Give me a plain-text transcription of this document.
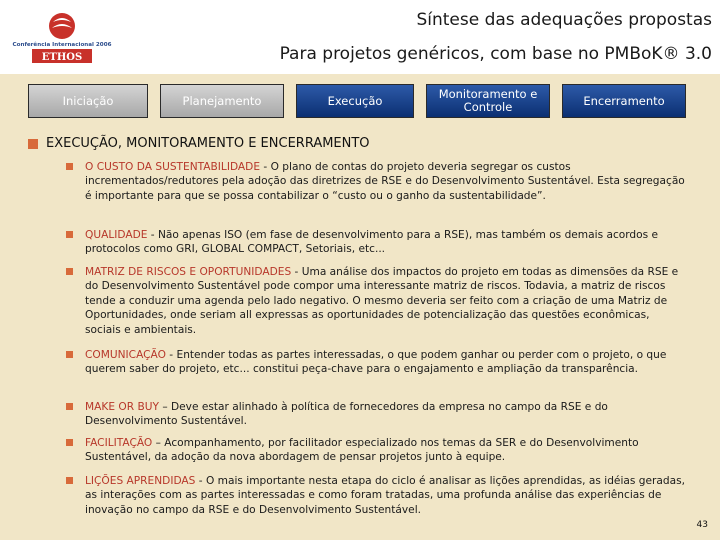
Conferência Internacional 2006
ETHOS
Síntese das adequações propostas
Para projetos genéricos, com base no PMBoK® 3.0
Iniciação	Planejamento	Execução	Monitoramento e Controle	Encerramento
EXECUÇÃO, MONITORAMENTO E ENCERRAMENTO

O CUSTO DA SUSTENTABILIDADE - O plano de contas do projeto deveria segregar os custos incrementados/redutores pela adoção das diretrizes de RSE e do Desenvolvimento Sustentável. Esta segregação é importante para que se possa contabilizar o “custo ou o ganho da sustentabilidade”.

QUALIDADE - Não apenas ISO (em fase de desenvolvimento para a RSE), mas também os demais acordos e protocolos como GRI, GLOBAL COMPACT, Setoriais, etc...

MATRIZ DE RISCOS E OPORTUNIDADES - Uma análise dos impactos do projeto em todas as dimensões da RSE e do Desenvolvimento Sustentável pode compor uma interessante matriz de riscos. Todavia, a matriz de riscos tende a conduzir uma agenda pelo lado negativo. O mesmo deveria ser feito com a criação de uma Matriz de Oportunidades, onde seriam all expressas as oportunidades de potencialização das questões econômicas, sociais e ambientais.

COMUNICAÇÃO - Entender todas as partes interessadas, o que podem ganhar ou perder com o projeto, o que querem saber do projeto, etc... constitui peça-chave para o engajamento e ampliação da transparência.

MAKE OR BUY – Deve estar alinhado à política de fornecedores da empresa no campo da RSE e do Desenvolvimento Sustentável.

FACILITAÇÃO – Acompanhamento, por facilitador especializado nos temas da SER e do Desenvolvimento Sustentável, da adoção da nova abordagem de pensar projetos junto à equipe.

LIÇÕES APRENDIDAS - O mais importante nesta etapa do ciclo é analisar as lições aprendidas, as idéias geradas, as interações com as partes interessadas e como foram tratadas, uma profunda análise das experiências de inovação no campo da RSE e do Desenvolvimento Sustentável.

43
